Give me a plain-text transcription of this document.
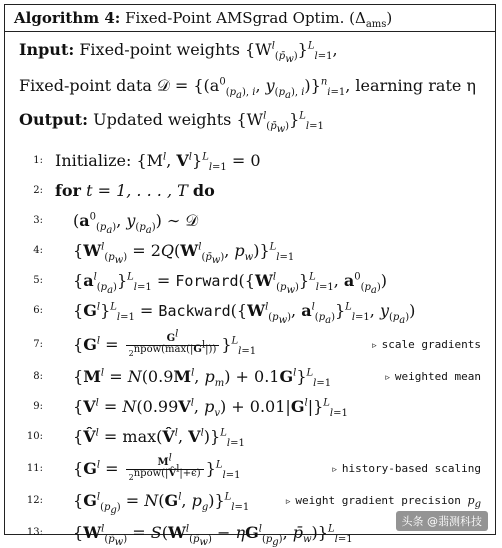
Algorithm 4: Fixed-Point AMSgrad Optim. $(\Delta_{ams})$
Input: Fixed-point weights $\{W^l_{(p̄_w)}\}^L_{l=1}$,
Fixed-point data 𝒟 = {($a^0_{(p_a), i}$, $y_{(p_a), i})\}^n_{i=1}$, learning rate η
Output: Updated weights $\{W^l_{(p̄_w)}\}^L_{l=1}$
1: Initialize: {$M^l$, $V^l\}^L_{l=1} = 0$
2: for t = 1, . . . , T do
3: ($a^0_{(p_a)}$, $y_{(p_a)}$) ∼ 𝒟
4: {$W^l_{(p_w)} = 2Q(W^l_{(p̄_w)}$, $p_w)\}^L_{l=1}$
5: $\{a^l_{(p_a)}\}^L_{l=1}$ = $Forward(\{W^l_{(p_w)}\}^L_{l=1}$, $a^0_{(p_a)}$)
6: $\{G^l\}^L_{l=1}$ = $Backward(\{W^l_{(p_w)}$, $a^l_{(p_a)}\}^L_{l=1}$, $y_{(p_a)}$)
7: $\{G^l = \frac{G^l}{2^{npow(max(|G^l|))}} \}^L_{l=1}$
▹ scale gradients
8: {$M^l = N(0.9M^l$, $p_m) + 0.1G^l\}^L_{l=1}$
▹ weighted mean
9: {$V^l = N(0.99V^l$, $p_v) + 0.01|G^l|\}^L_{l=1}$
10: {V̂$^l$ = max(V̂$^l$, $V^l)\}^L_{l=1}$
11: $\{G^l = \frac{M^l}{2^{npow(|V̂^l|+\epsilon)}} \}^L_{l=1}$
▹ history-based scaling
12: {$G^l_{(p_g)} = N(G^l$, $p_g)\}^L_{l=1}$
▹ weight gradient precision $p_g$
13: {$W^l_{(p̄_w)} = S(W^l_{(p̄_w)} - \eta G^l_{(p_g)}$, $p̄_w)\}^L_{l=1}$
头条 @翡测科技
